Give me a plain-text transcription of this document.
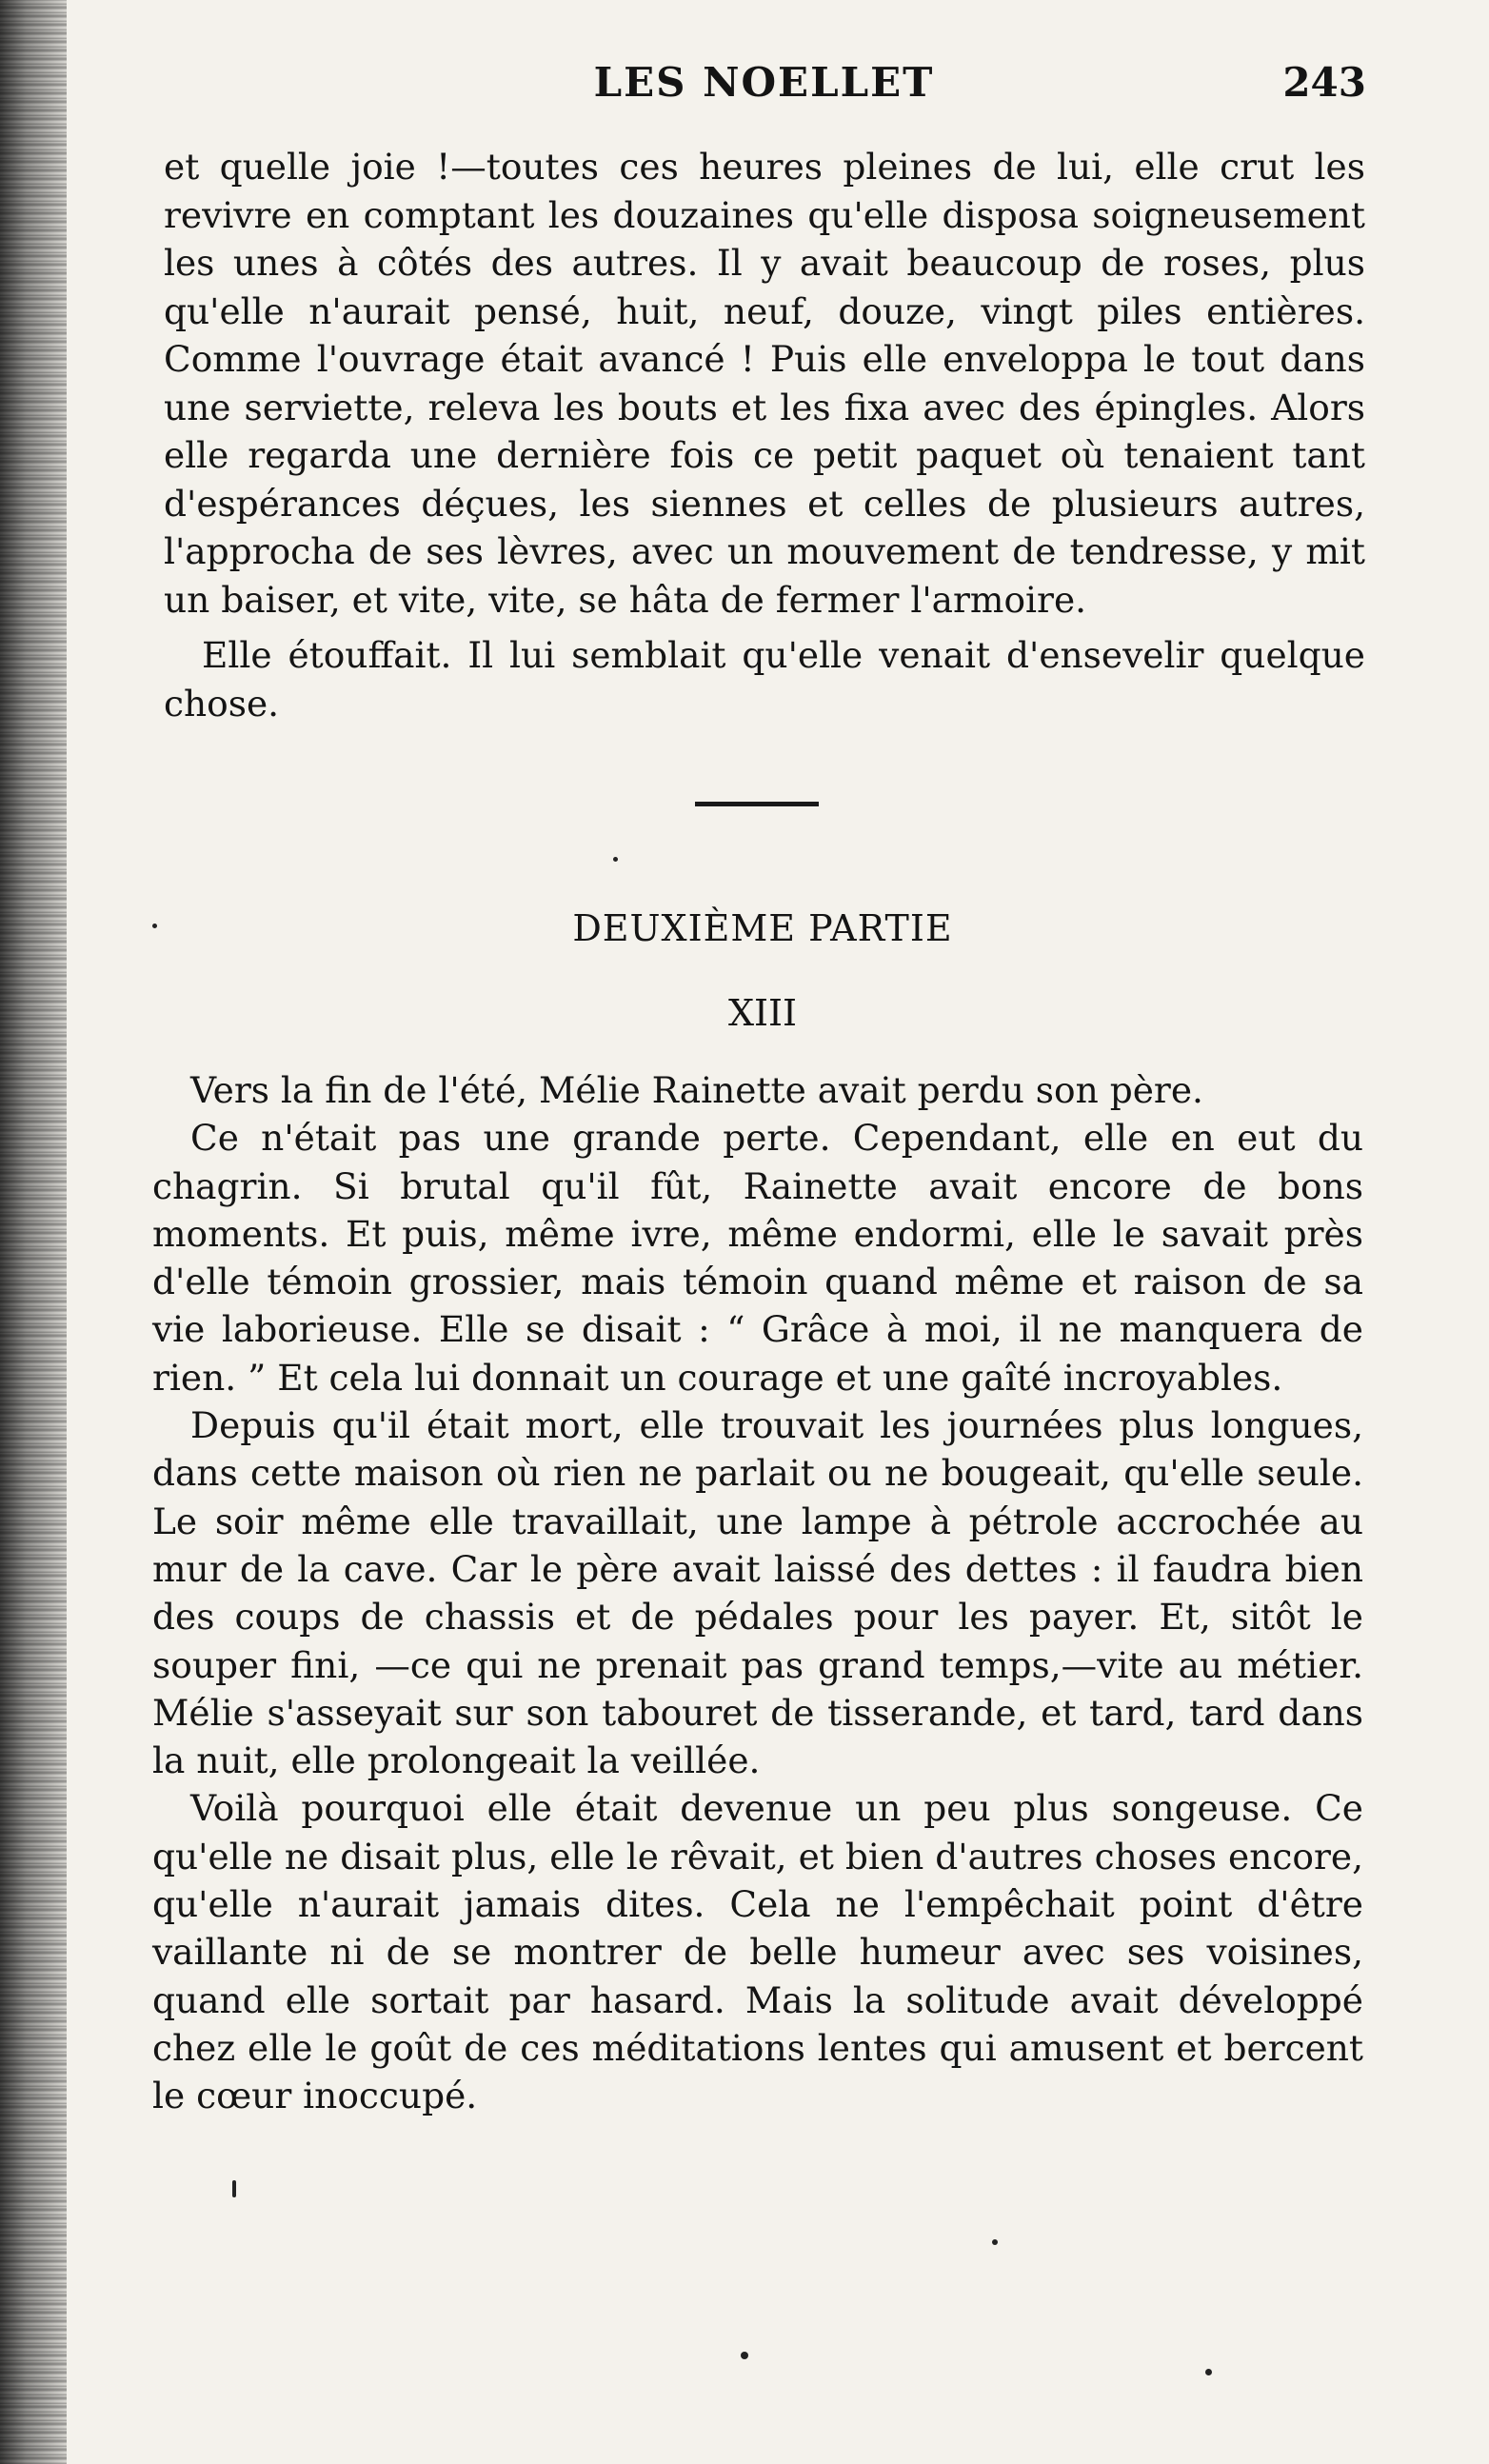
LES NOELLET	243

et quelle joie !—toutes ces heures pleines de lui, elle crut les revivre en comptant les douzaines qu'elle disposa soigneusement les unes à côtés des autres. Il y avait beaucoup de roses, plus qu'elle n'aurait pensé, huit, neuf, douze, vingt piles entières. Comme l'ouvrage était avancé ! Puis elle enveloppa le tout dans une serviette, releva les bouts et les fixa avec des épingles. Alors elle regarda une dernière fois ce petit paquet où tenaient tant d'espérances déçues, les siennes et celles de plusieurs autres, l'approcha de ses lèvres, avec un mouvement de tendresse, y mit un baiser, et vite, vite, se hâta de fermer l'armoire.

Elle étouffait. Il lui semblait qu'elle venait d'ensevelir quelque chose.

DEUXIÈME PARTIE
XIII

Vers la fin de l'été, Mélie Rainette avait perdu son père.

Ce n'était pas une grande perte. Cependant, elle en eut du chagrin. Si brutal qu'il fût, Rainette avait encore de bons moments. Et puis, même ivre, même endormi, elle le savait près d'elle témoin grossier, mais témoin quand même et raison de sa vie laborieuse. Elle se disait : “ Grâce à moi, il ne manquera de rien. ” Et cela lui donnait un courage et une gaîté incroyables.

Depuis qu'il était mort, elle trouvait les journées plus longues, dans cette maison où rien ne parlait ou ne bougeait, qu'elle seule. Le soir même elle travaillait, une lampe à pétrole accrochée au mur de la cave. Car le père avait laissé des dettes : il faudra bien des coups de chassis et de pédales pour les payer. Et, sitôt le souper fini, —ce qui ne prenait pas grand temps,—vite au métier. Mélie s'asseyait sur son tabouret de tisserande, et tard, tard dans la nuit, elle prolongeait la veillée.

Voilà pourquoi elle était devenue un peu plus songeuse. Ce qu'elle ne disait plus, elle le rêvait, et bien d'autres choses encore, qu'elle n'aurait jamais dites. Cela ne l'empêchait point d'être vaillante ni de se montrer de belle humeur avec ses voisines, quand elle sortait par hasard. Mais la solitude avait développé chez elle le goût de ces méditations lentes qui amusent et bercent le cœur inoccupé.
